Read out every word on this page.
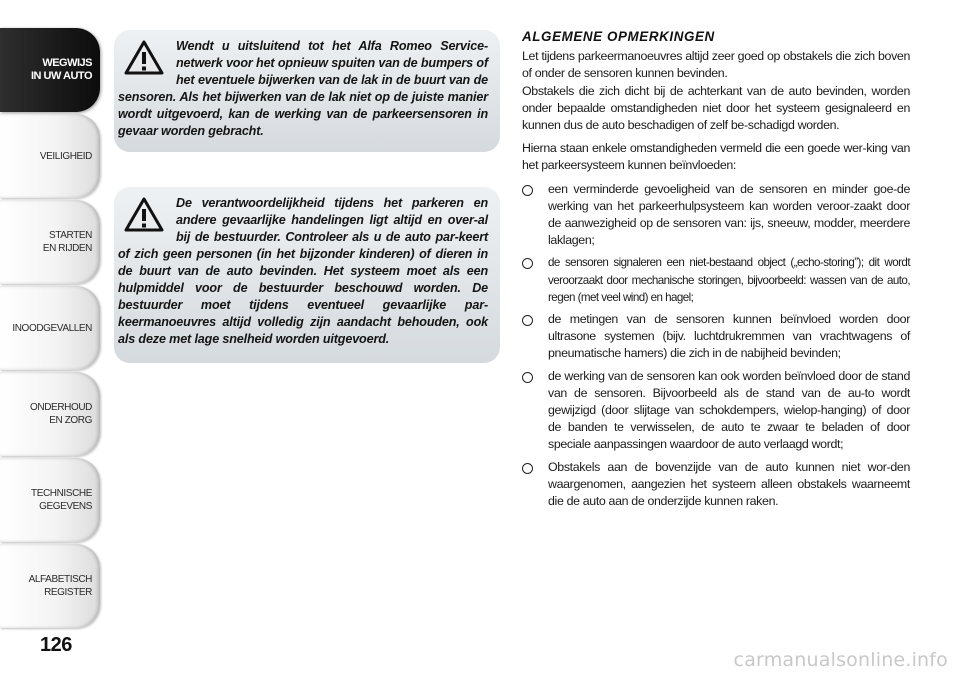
WEGWIJS
IN UW AUTO
VEILIGHEID
STARTEN
EN RIJDEN
INOODGEVALLEN
ONDERHOUD
EN ZORG
TECHNISCHE
GEGEVENS
ALFABETISCH
REGISTER
126

Wendt u uitsluitend tot het Alfa Romeo Service-netwerk voor het opnieuw spuiten van de bumpers of het eventuele bijwerken van de lak in de buurt van de sensoren. Als het bijwerken van de lak niet op de juiste manier wordt uitgevoerd, kan de werking van de parkeersensoren in gevaar worden gebracht.

De verantwoordelijkheid tijdens het parkeren en andere gevaarlijke handelingen ligt altijd en over-al bij de bestuurder. Controleer als u de auto par-keert of zich geen personen (in het bijzonder kinderen) of dieren in de buurt van de auto bevinden. Het systeem moet als een hulpmiddel voor de bestuurder beschouwd worden. De bestuurder moet tijdens eventueel gevaarlijke par-keermanoeuvres altijd volledig zijn aandacht behouden, ook als deze met lage snelheid worden uitgevoerd.

ALGEMENE OPMERKINGEN

Let tijdens parkeermanoeuvres altijd zeer goed op obstakels die zich boven of onder de sensoren kunnen bevinden.

Obstakels die zich dicht bij de achterkant van de auto bevinden, worden onder bepaalde omstandigheden niet door het systeem gesignaleerd en kunnen dus de auto beschadigen of zelf be-schadigd worden.

Hierna staan enkele omstandigheden vermeld die een goede wer-king van het parkeersysteem kunnen beïnvloeden:

een verminderde gevoeligheid van de sensoren en minder goe-de werking van het parkeerhulpsysteem kan worden veroor-zaakt door de aanwezigheid op de sensoren van: ijs, sneeuw, modder, meerdere laklagen;
de sensoren signaleren een niet-bestaand object („echo-storing”); dit wordt veroorzaakt door mechanische storingen, bijvoorbeeld: wassen van de auto, regen (met veel wind) en hagel;
de metingen van de sensoren kunnen beïnvloed worden door ultrasone systemen (bijv. luchtdrukremmen van vrachtwagens of pneumatische hamers) die zich in de nabijheid bevinden;
de werking van de sensoren kan ook worden beïnvloed door de stand van de sensoren. Bijvoorbeeld als de stand van de au-to wordt gewijzigd (door slijtage van schokdempers, wielop-hanging) of door de banden te verwisselen, de auto te zwaar te beladen of door speciale aanpassingen waardoor de auto verlaagd wordt;
Obstakels aan de bovenzijde van de auto kunnen niet wor-den waargenomen, aangezien het systeem alleen obstakels waarneemt die de auto aan de onderzijde kunnen raken.
carmanualsonline.info
